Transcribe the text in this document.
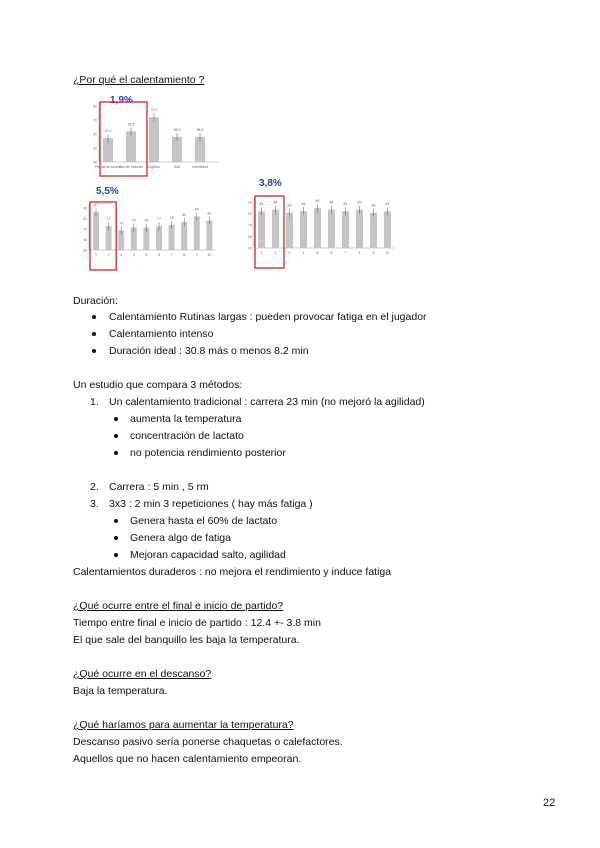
¿Por qué el calentamiento ?
1,9%
40
50
60
70
80
57.0
Pelota de control
61.8
Uso de balones
72.0
Ingreso
58.0
Salt
58.0
Intensidad
5,5%
60
68
75
83
90
87
1
77
2
74
3
76
4
76
5
77
6
78
7
80
8
84
9
81
10
3,8%
60
68
75
83
90 84
1
85
2
83
3
84
4
86
5
85
6
84
7
85
8
83
9
84
10
Duración:
Calentamiento Rutinas largas : pueden provocar fatiga en el jugador
Calentamiento intenso
Duración ideal : 30.8 más o menos 8.2 min
Un estudio que compara 3 métodos:
1. Un calentamiento tradicional : carrera 23 min (no mejoró la agilidad)
aumenta la temperatura
concentración de lactato
no potencia rendimiento posterior
2. Carrera : 5 min , 5 rm
3. 3x3 : 2 min 3 repeticiones ( hay más fatiga )
Genera hasta el 60% de lactato
Genera algo de fatiga
Mejoran capacidad salto, agilidad
Calentamientos duraderos : no mejora el rendimiento y induce fatiga
¿Qué ocurre entre el final e inicio de partido?
Tiempo entre final e inicio de partido : 12.4 +- 3.8 min
El que sale del banquillo les baja la temperatura.
¿Qué ocurre en el descanso?
Baja la temperatura.
¿Qué haríamos para aumentar la temperatura?
Descanso pasivo sería ponerse chaquetas o calefactores.
Aquellos que no hacen calentamiento empeoran.
22
